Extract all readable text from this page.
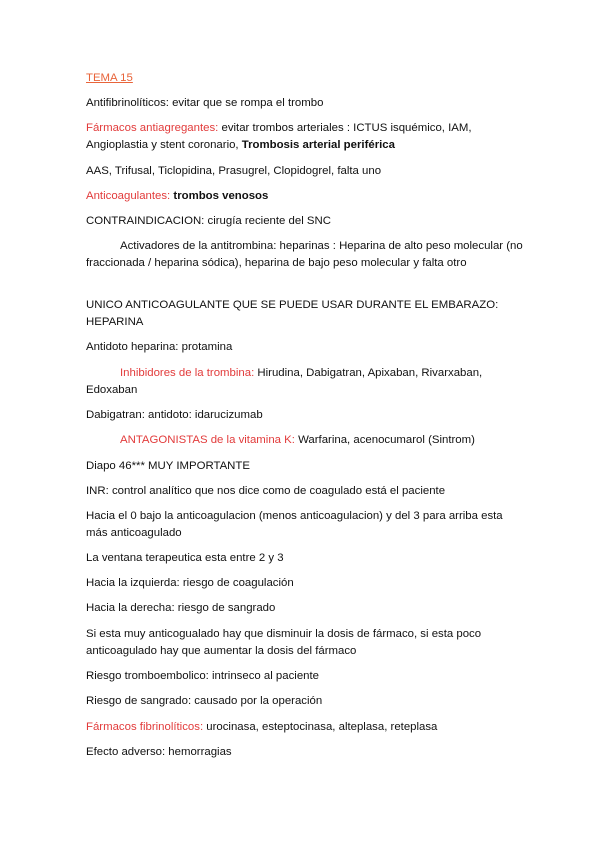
TEMA 15

Antifibrinolíticos: evitar que se rompa el trombo

Fármacos antiagregantes: evitar trombos arteriales : ICTUS isquémico, IAM, Angioplastia y stent coronario, Trombosis arterial periférica

AAS, Trifusal, Ticlopidina, Prasugrel, Clopidogrel, falta uno

Anticoagulantes: trombos venosos

CONTRAINDICACION: cirugía reciente del SNC

Activadores de la antitrombina: heparinas : Heparina de alto peso molecular (no fraccionada / heparina sódica), heparina de bajo peso molecular y falta otro

UNICO ANTICOAGULANTE QUE SE PUEDE USAR DURANTE EL EMBARAZO: HEPARINA

Antidoto heparina: protamina

Inhibidores de la trombina: Hirudina, Dabigatran, Apixaban, Rivarxaban, Edoxaban

Dabigatran: antidoto: idarucizumab

ANTAGONISTAS de la vitamina K: Warfarina, acenocumarol (Sintrom)

Diapo 46*** MUY IMPORTANTE

INR: control analítico que nos dice como de coagulado está el paciente

Hacia el 0 bajo la anticoagulacion (menos anticoagulacion) y del 3 para arriba esta más anticoagulado

La ventana terapeutica esta entre 2 y 3

Hacia la izquierda: riesgo de coagulación

Hacia la derecha: riesgo de sangrado

Si esta muy anticogualado hay que disminuir la dosis de fármaco, si esta poco anticoagulado hay que aumentar la dosis del fármaco

Riesgo tromboembolico: intrinseco al paciente

Riesgo de sangrado: causado por la operación

Fármacos fibrinolíticos: urocinasa, esteptocinasa, alteplasa, reteplasa

Efecto adverso: hemorragias
